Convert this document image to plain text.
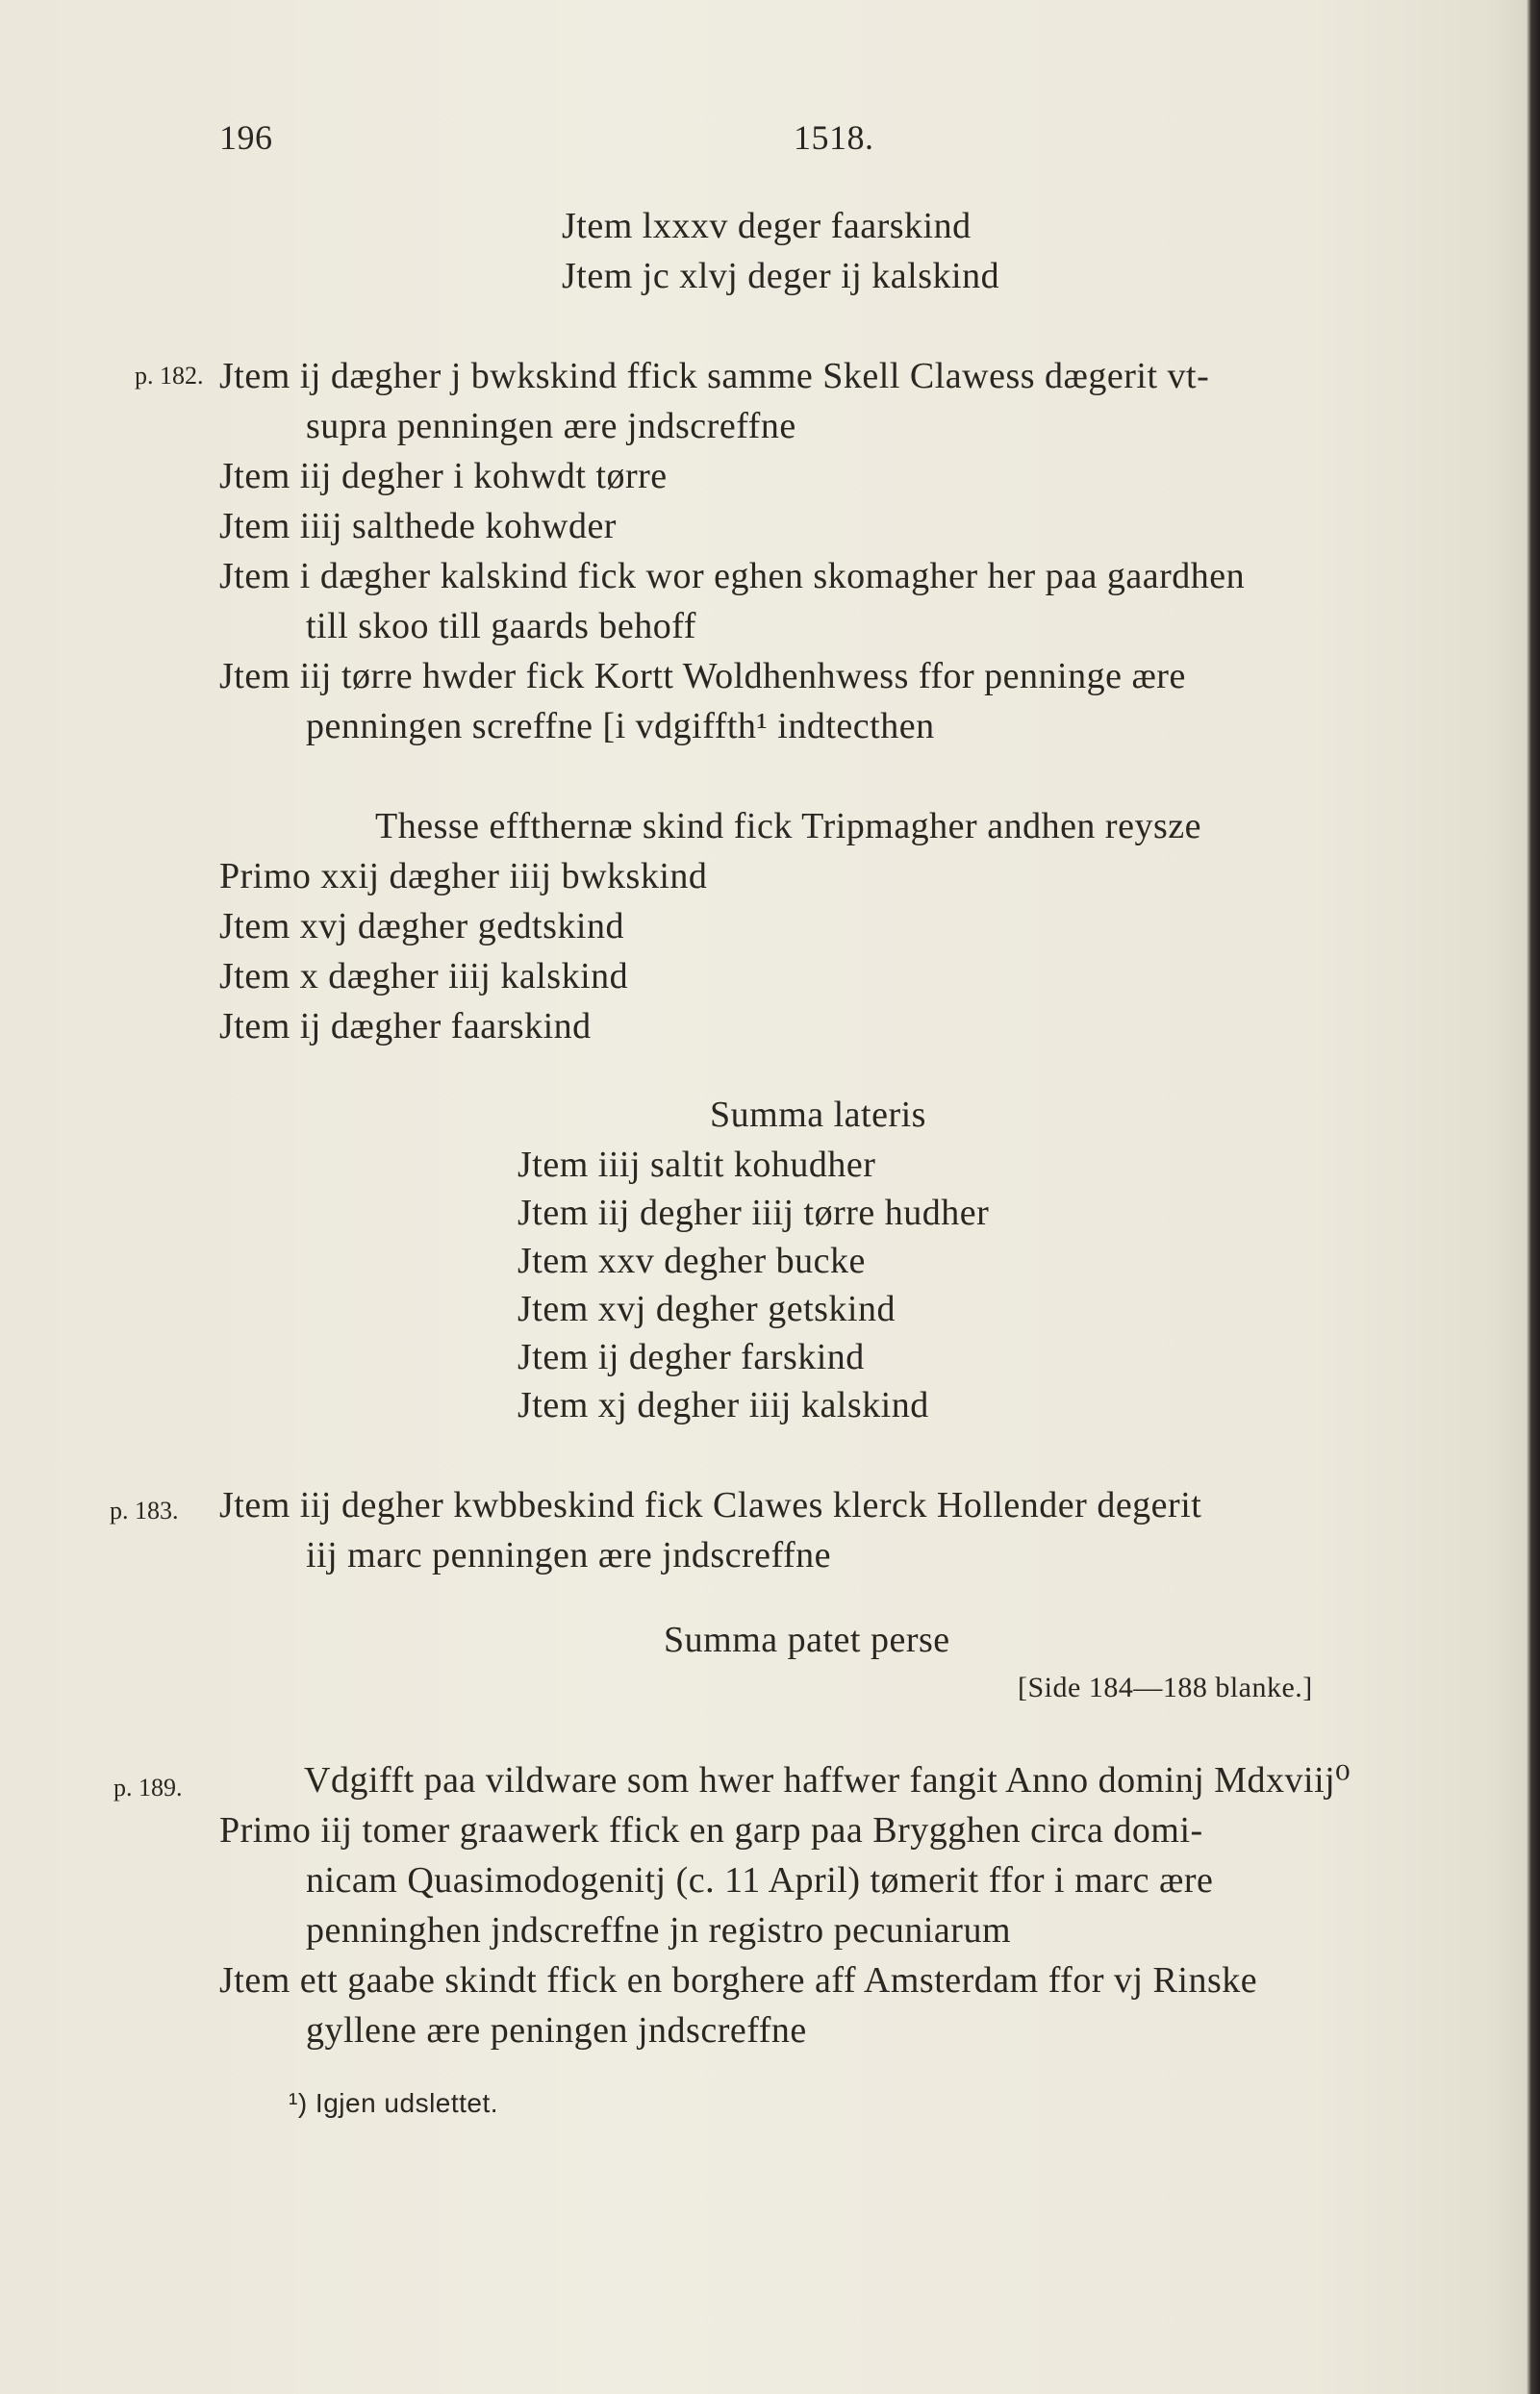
196	1518.
Jtem lxxxv deger faarskind
Jtem jc xlvj deger ij kalskind
Jtem ij dægher j bwkskind ffick samme Skell Clawess dægerit vt-
supra penningen ære jndscreffne
Jtem iij degher i kohwdt tørre
Jtem iiij salthede kohwder
Jtem i dægher kalskind fick wor eghen skomagher her paa gaardhen
till skoo till gaards behoff
Jtem iij tørre hwder fick Kortt Woldhenhwess ffor penninge ære
penningen screffne [i vdgiffth¹ indtecthen
Thesse effthernæ skind fick Tripmagher andhen reysze
Primo xxij dægher iiij bwkskind
Jtem xvj dægher gedtskind
Jtem x dægher iiij kalskind
Jtem ij dægher faarskind
Summa lateris
Jtem iiij saltit kohudher
Jtem iij degher iiij tørre hudher
Jtem xxv degher bucke
Jtem xvj degher getskind
Jtem ij degher farskind
Jtem xj degher iiij kalskind
Jtem iij degher kwbbeskind fick Clawes klerck Hollender degerit
iij marc penningen ære jndscreffne
Summa patet perse
Vdgifft paa vildware som hwer haffwer fangit Anno dominj Mdxviij⁰
Primo iij tomer graawerk ffick en garp paa Brygghen circa domi-
nicam Quasimodogenitj (c. 11 April) tømerit ffor i marc ære
penninghen jndscreffne jn registro pecuniarum
Jtem ett gaabe skindt ffick en borghere aff Amsterdam ffor vj Rinske
gyllene ære peningen jndscreffne
p. 182.
p. 183.
p. 189.
[Side 184—188 blanke.]
¹) Igjen udslettet.
